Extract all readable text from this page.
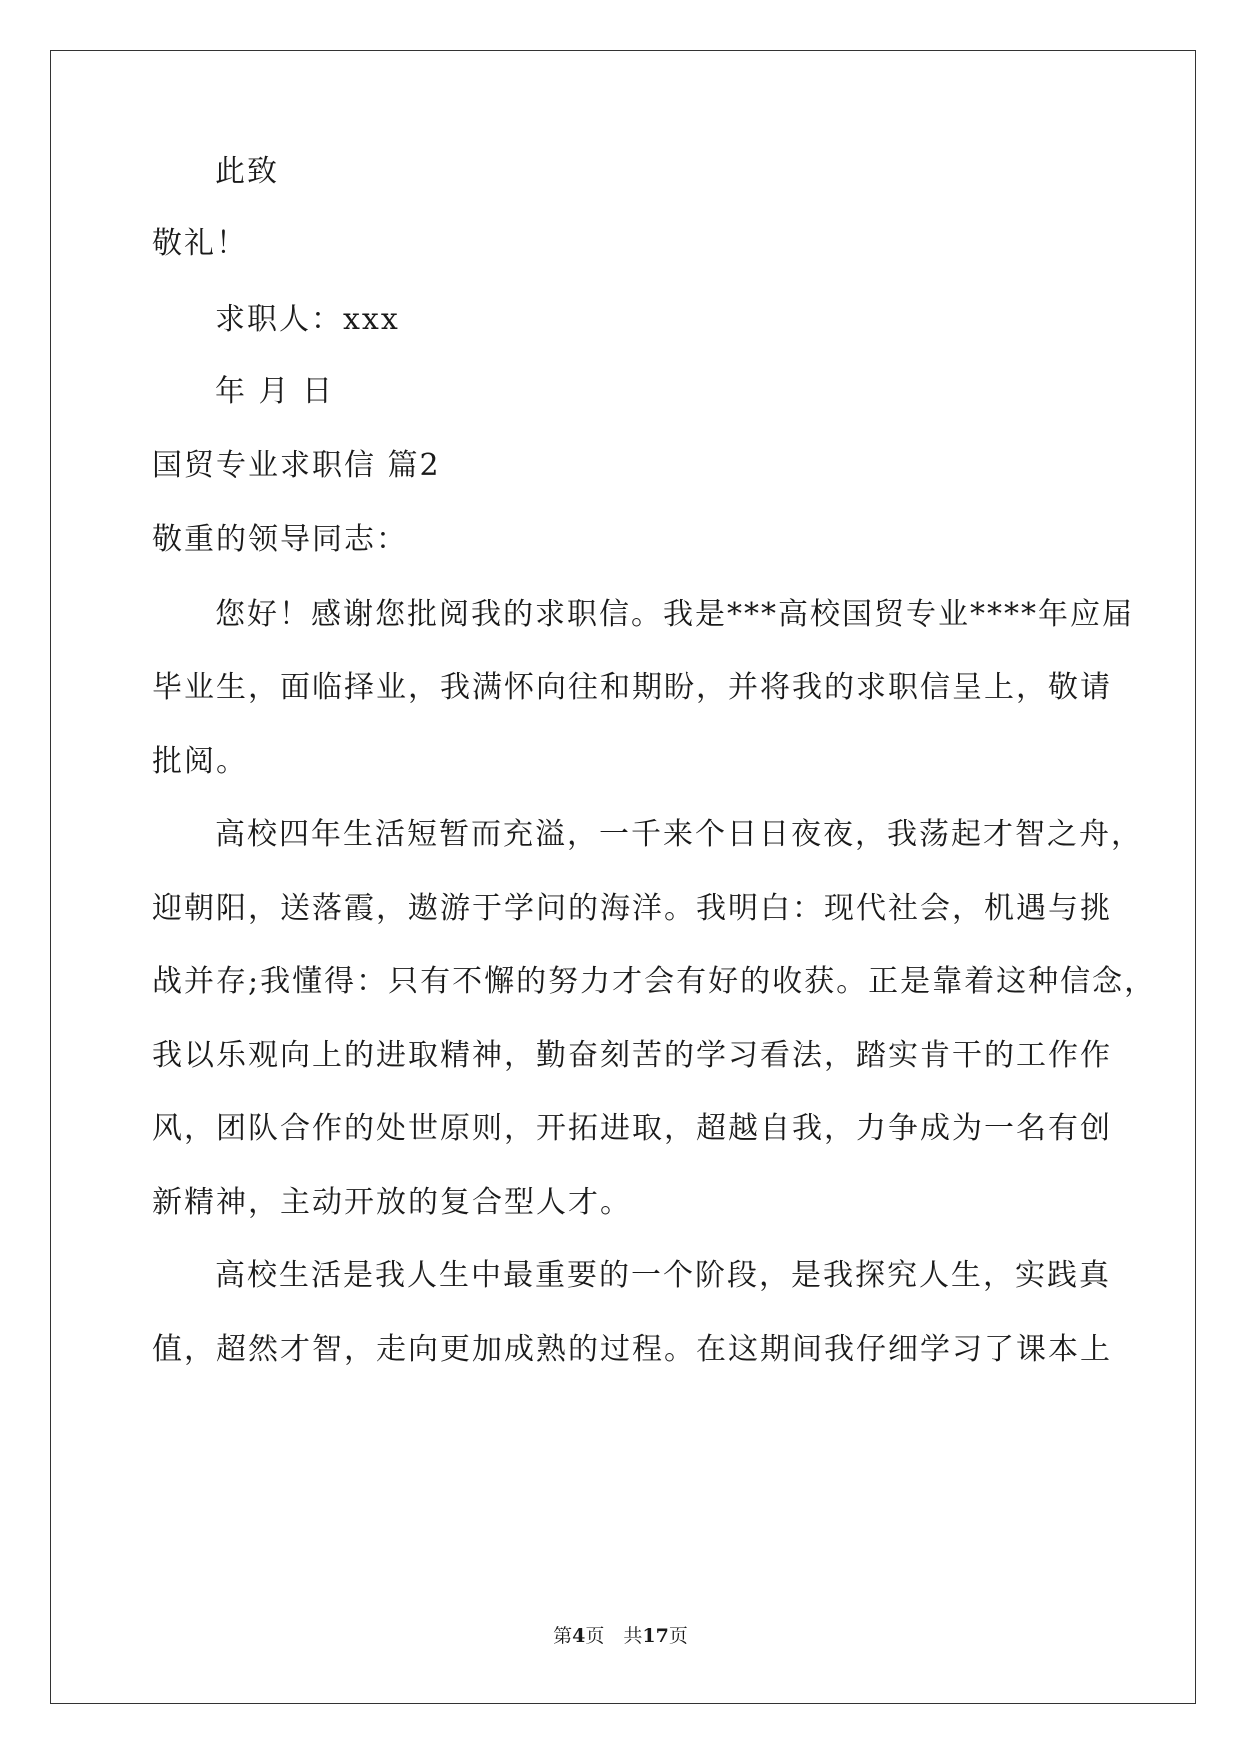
此致
敬礼！
求职人：xxx
年 月 日
国贸专业求职信 篇2
敬重的领导同志：
您好！感谢您批阅我的求职信。我是***高校国贸专业****年应届
毕业生，面临择业，我满怀向往和期盼，并将我的求职信呈上，敬请
批阅。
高校四年生活短暂而充溢，一千来个日日夜夜，我荡起才智之舟，
迎朝阳，送落霞，遨游于学问的海洋。我明白：现代社会，机遇与挑
战并存;我懂得：只有不懈的努力才会有好的收获。正是靠着这种信念，
我以乐观向上的进取精神，勤奋刻苦的学习看法，踏实肯干的工作作
风，团队合作的处世原则，开拓进取，超越自我，力争成为一名有创
新精神，主动开放的复合型人才。
高校生活是我人生中最重要的一个阶段，是我探究人生，实践真
值，超然才智，走向更加成熟的过程。在这期间我仔细学习了课本上
第4页　共17页
